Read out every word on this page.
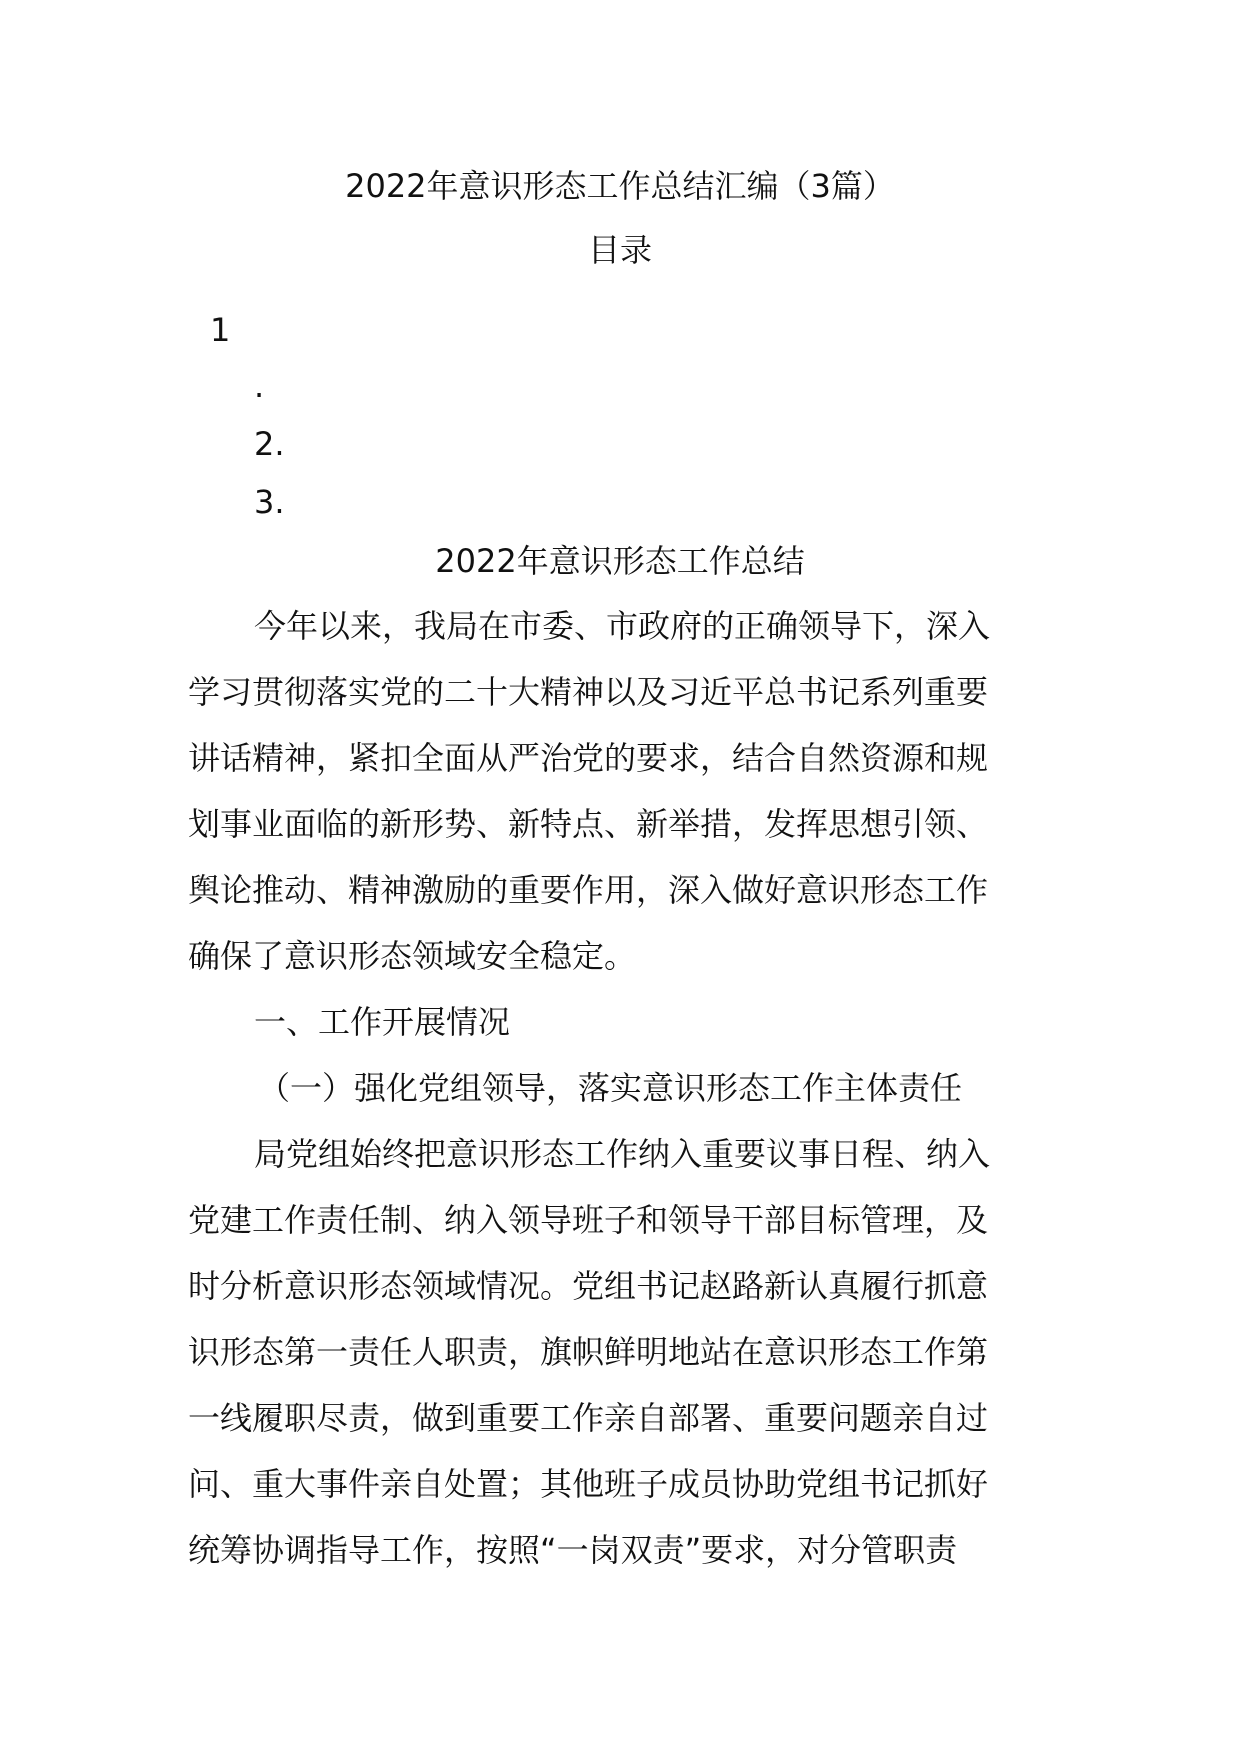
2022年意识形态工作总结汇编（3篇）
目录
1
.
2.
3.
2022年意识形态工作总结
今年以来，我局在市委、市政府的正确领导下，深入
学习贯彻落实党的二十大精神以及习近平总书记系列重要
讲话精神，紧扣全面从严治党的要求，结合自然资源和规
划事业面临的新形势、新特点、新举措，发挥思想引领、
舆论推动、精神激励的重要作用，深入做好意识形态工作
确保了意识形态领域安全稳定。
一、工作开展情况
（一）强化党组领导，落实意识形态工作主体责任
局党组始终把意识形态工作纳入重要议事日程、纳入
党建工作责任制、纳入领导班子和领导干部目标管理，及
时分析意识形态领域情况。党组书记赵路新认真履行抓意
识形态第一责任人职责，旗帜鲜明地站在意识形态工作第
一线履职尽责，做到重要工作亲自部署、重要问题亲自过
问、重大事件亲自处置；其他班子成员协助党组书记抓好
统筹协调指导工作，按照“一岗双责”要求，对分管职责
